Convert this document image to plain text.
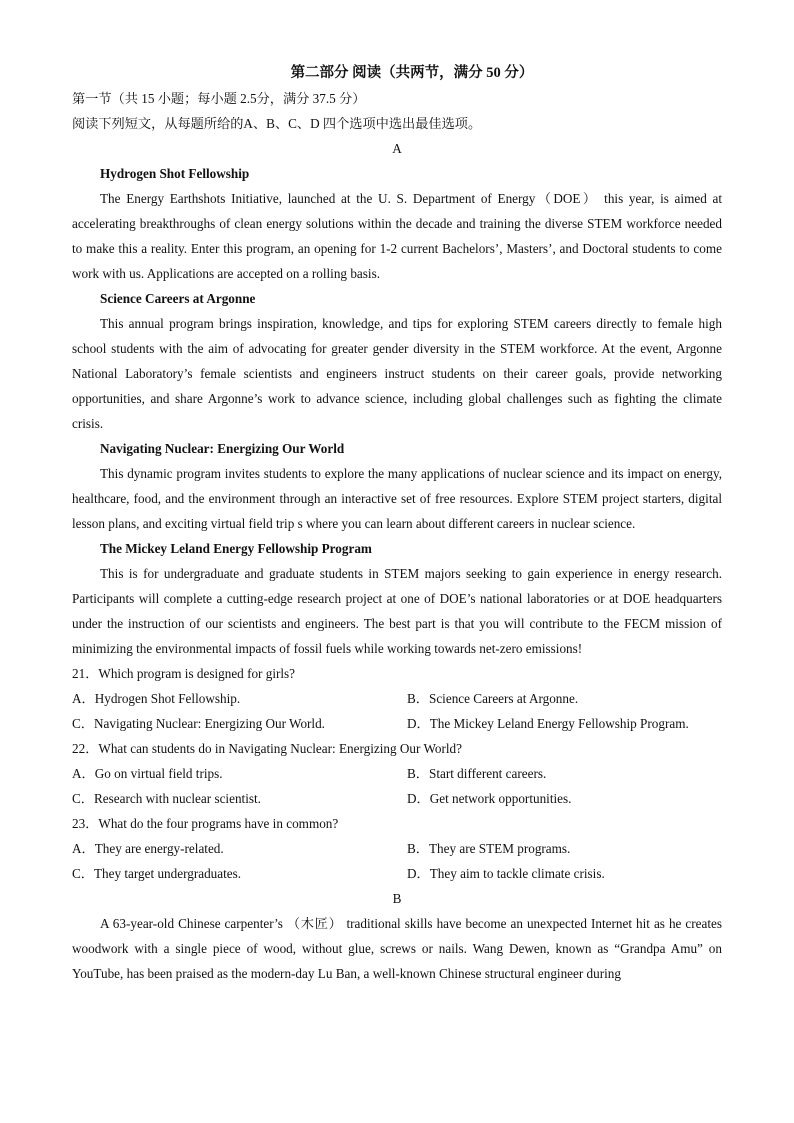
第二部分 阅读（共两节，满分 50 分）
第一节（共 15 小题；每小题 2.5分，满分 37.5 分）
阅读下列短文，从每题所给的A、B、C、D 四个选项中选出最佳选项。
A
Hydrogen Shot Fellowship

The Energy Earthshots Initiative, launched at the U. S. Department of Energy（DOE） this year, is aimed at accelerating breakthroughs of clean energy solutions within the decade and training the diverse STEM workforce needed to make this a reality. Enter this program, an opening for 1-2 current Bachelors’, Masters’, and Doctoral students to come work with us. Applications are accepted on a rolling basis.

Science Careers at Argonne

This annual program brings inspiration, knowledge, and tips for exploring STEM careers directly to female high school students with the aim of advocating for greater gender diversity in the STEM workforce. At the event, Argonne National Laboratory’s female scientists and engineers instruct students on their career goals, provide networking opportunities, and share Argonne’s work to advance science, including global challenges such as fighting the climate crisis.

Navigating Nuclear: Energizing Our World

This dynamic program invites students to explore the many applications of nuclear science and its impact on energy, healthcare, food, and the environment through an interactive set of free resources. Explore STEM project starters, digital lesson plans, and exciting virtual field trip s where you can learn about different careers in nuclear science.

The Mickey Leland Energy Fellowship Program

This is for undergraduate and graduate students in STEM majors seeking to gain experience in energy research. Participants will complete a cutting-edge research project at one of DOE’s national laboratories or at DOE headquarters under the instruction of our scientists and engineers. The best part is that you will contribute to the FECM mission of minimizing the environmental impacts of fossil fuels while working towards net-zero emissions!

21．Which program is designed for girls?
A．Hydrogen Shot Fellowship.	B．Science Careers at Argonne.
C．Navigating Nuclear: Energizing Our World.	D．The Mickey Leland Energy Fellowship Program.
22．What can students do in Navigating Nuclear: Energizing Our World?
A．Go on virtual field trips.	B．Start different careers.
C．Research with nuclear scientist.	D．Get network opportunities.
23．What do the four programs have in common?
A．They are energy-related.	B．They are STEM programs.
C．They target undergraduates.	D．They aim to tackle climate crisis.
B

A 63-year-old Chinese carpenter’s （木匠） traditional skills have become an unexpected Internet hit as he creates woodwork with a single piece of wood, without glue, screws or nails. Wang Dewen, known as “Grandpa Amu” on YouTube, has been praised as the modern-day Lu Ban, a well-known Chinese structural engineer during
